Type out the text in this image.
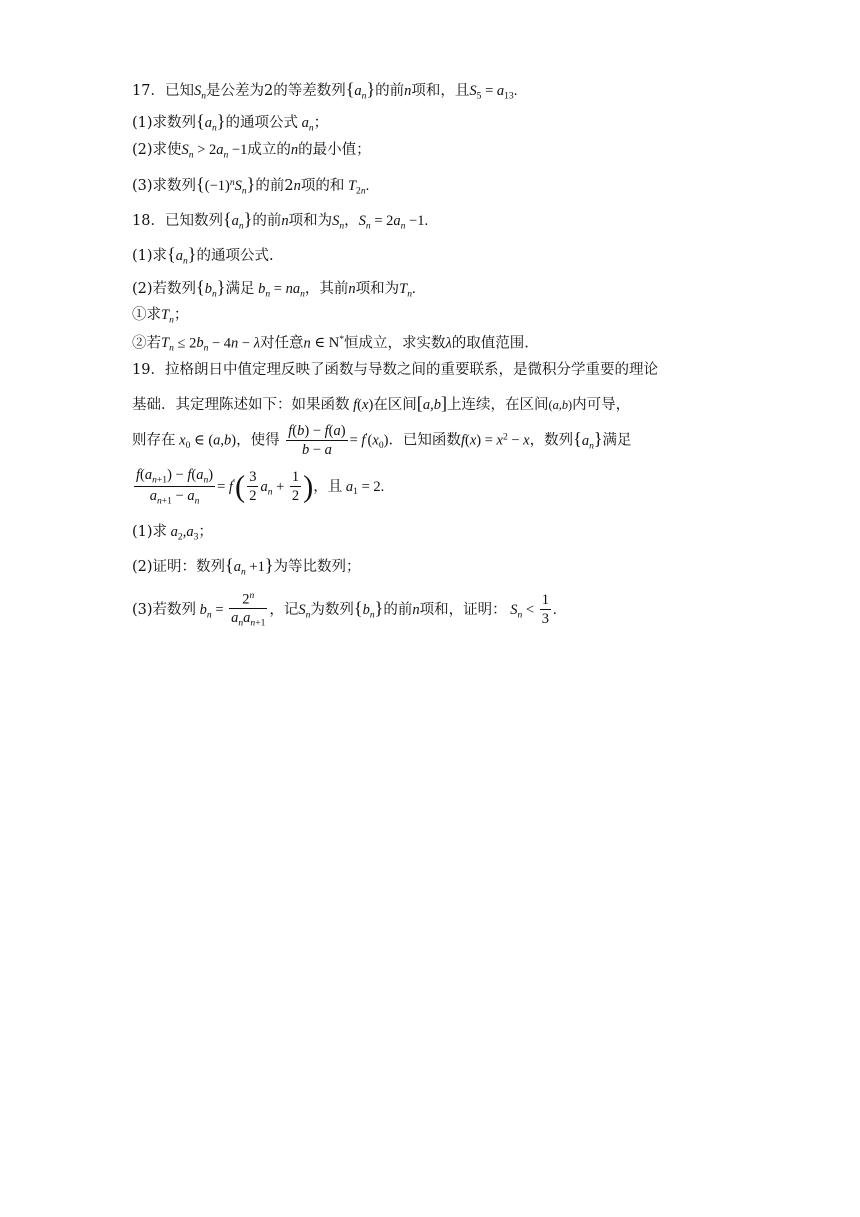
17．已知$S_n$是公差为2的等差数列$\{a_n\}$的前n项和，且$S_5 = a_{13}$.
(1)求数列$\{a_n\}$的通项公式 $a_n$；
(2)求使$S_n > 2a_n -1$成立的n的最小值；
(3)求数列$\{(-1)^nS_n\}$的前2n项的和 $T_{2n}$.
18．已知数列$\{a_n\}$的前n项和为$S_n$，$S_n = 2a_n -1$.
(1)求$\{a_n\}$的通项公式.
(2)若数列$\{b_n\}$满足 $b_n = na_n$，其前n项和为$T_n$.
①求$T_n$；
②若$T_n \le 2b_n - 4n - \lambda$对任意n ∈ N*恒成立，求实数λ的取值范围.
19．拉格朗日中值定理反映了函数与导数之间的重要联系，是微积分学重要的理论
基础．其定理陈述如下：如果函数 f(x)在区间[a,b]上连续，在区间(a,b)内可导，
则存在 $x_0$ ∈ (a,b)，使得 $\frac{f(b) - f(a)}{b - a} = f'(x_0)$．已知函数$f(x) = x^2 - x$，数列$\{a_n\}$满足
$\frac{f(a_{n+1}) - f(a_n)}{a_{n+1} - a_n} = f'( \frac{3}{2} a_n + \frac{1}{2}$ )，且 $a_1 = 2$.
(1)求 $a_2,a_3$；
(2)证明：数列$\{a_n +1\}$为等比数列；
(3)若数列 $b_n = \frac{2^n}{a_na_{n+1}}$ ，记$S_n$为数列$\{b_n\}$的前n项和，证明： $S_n < \frac{1}{3}$ .
